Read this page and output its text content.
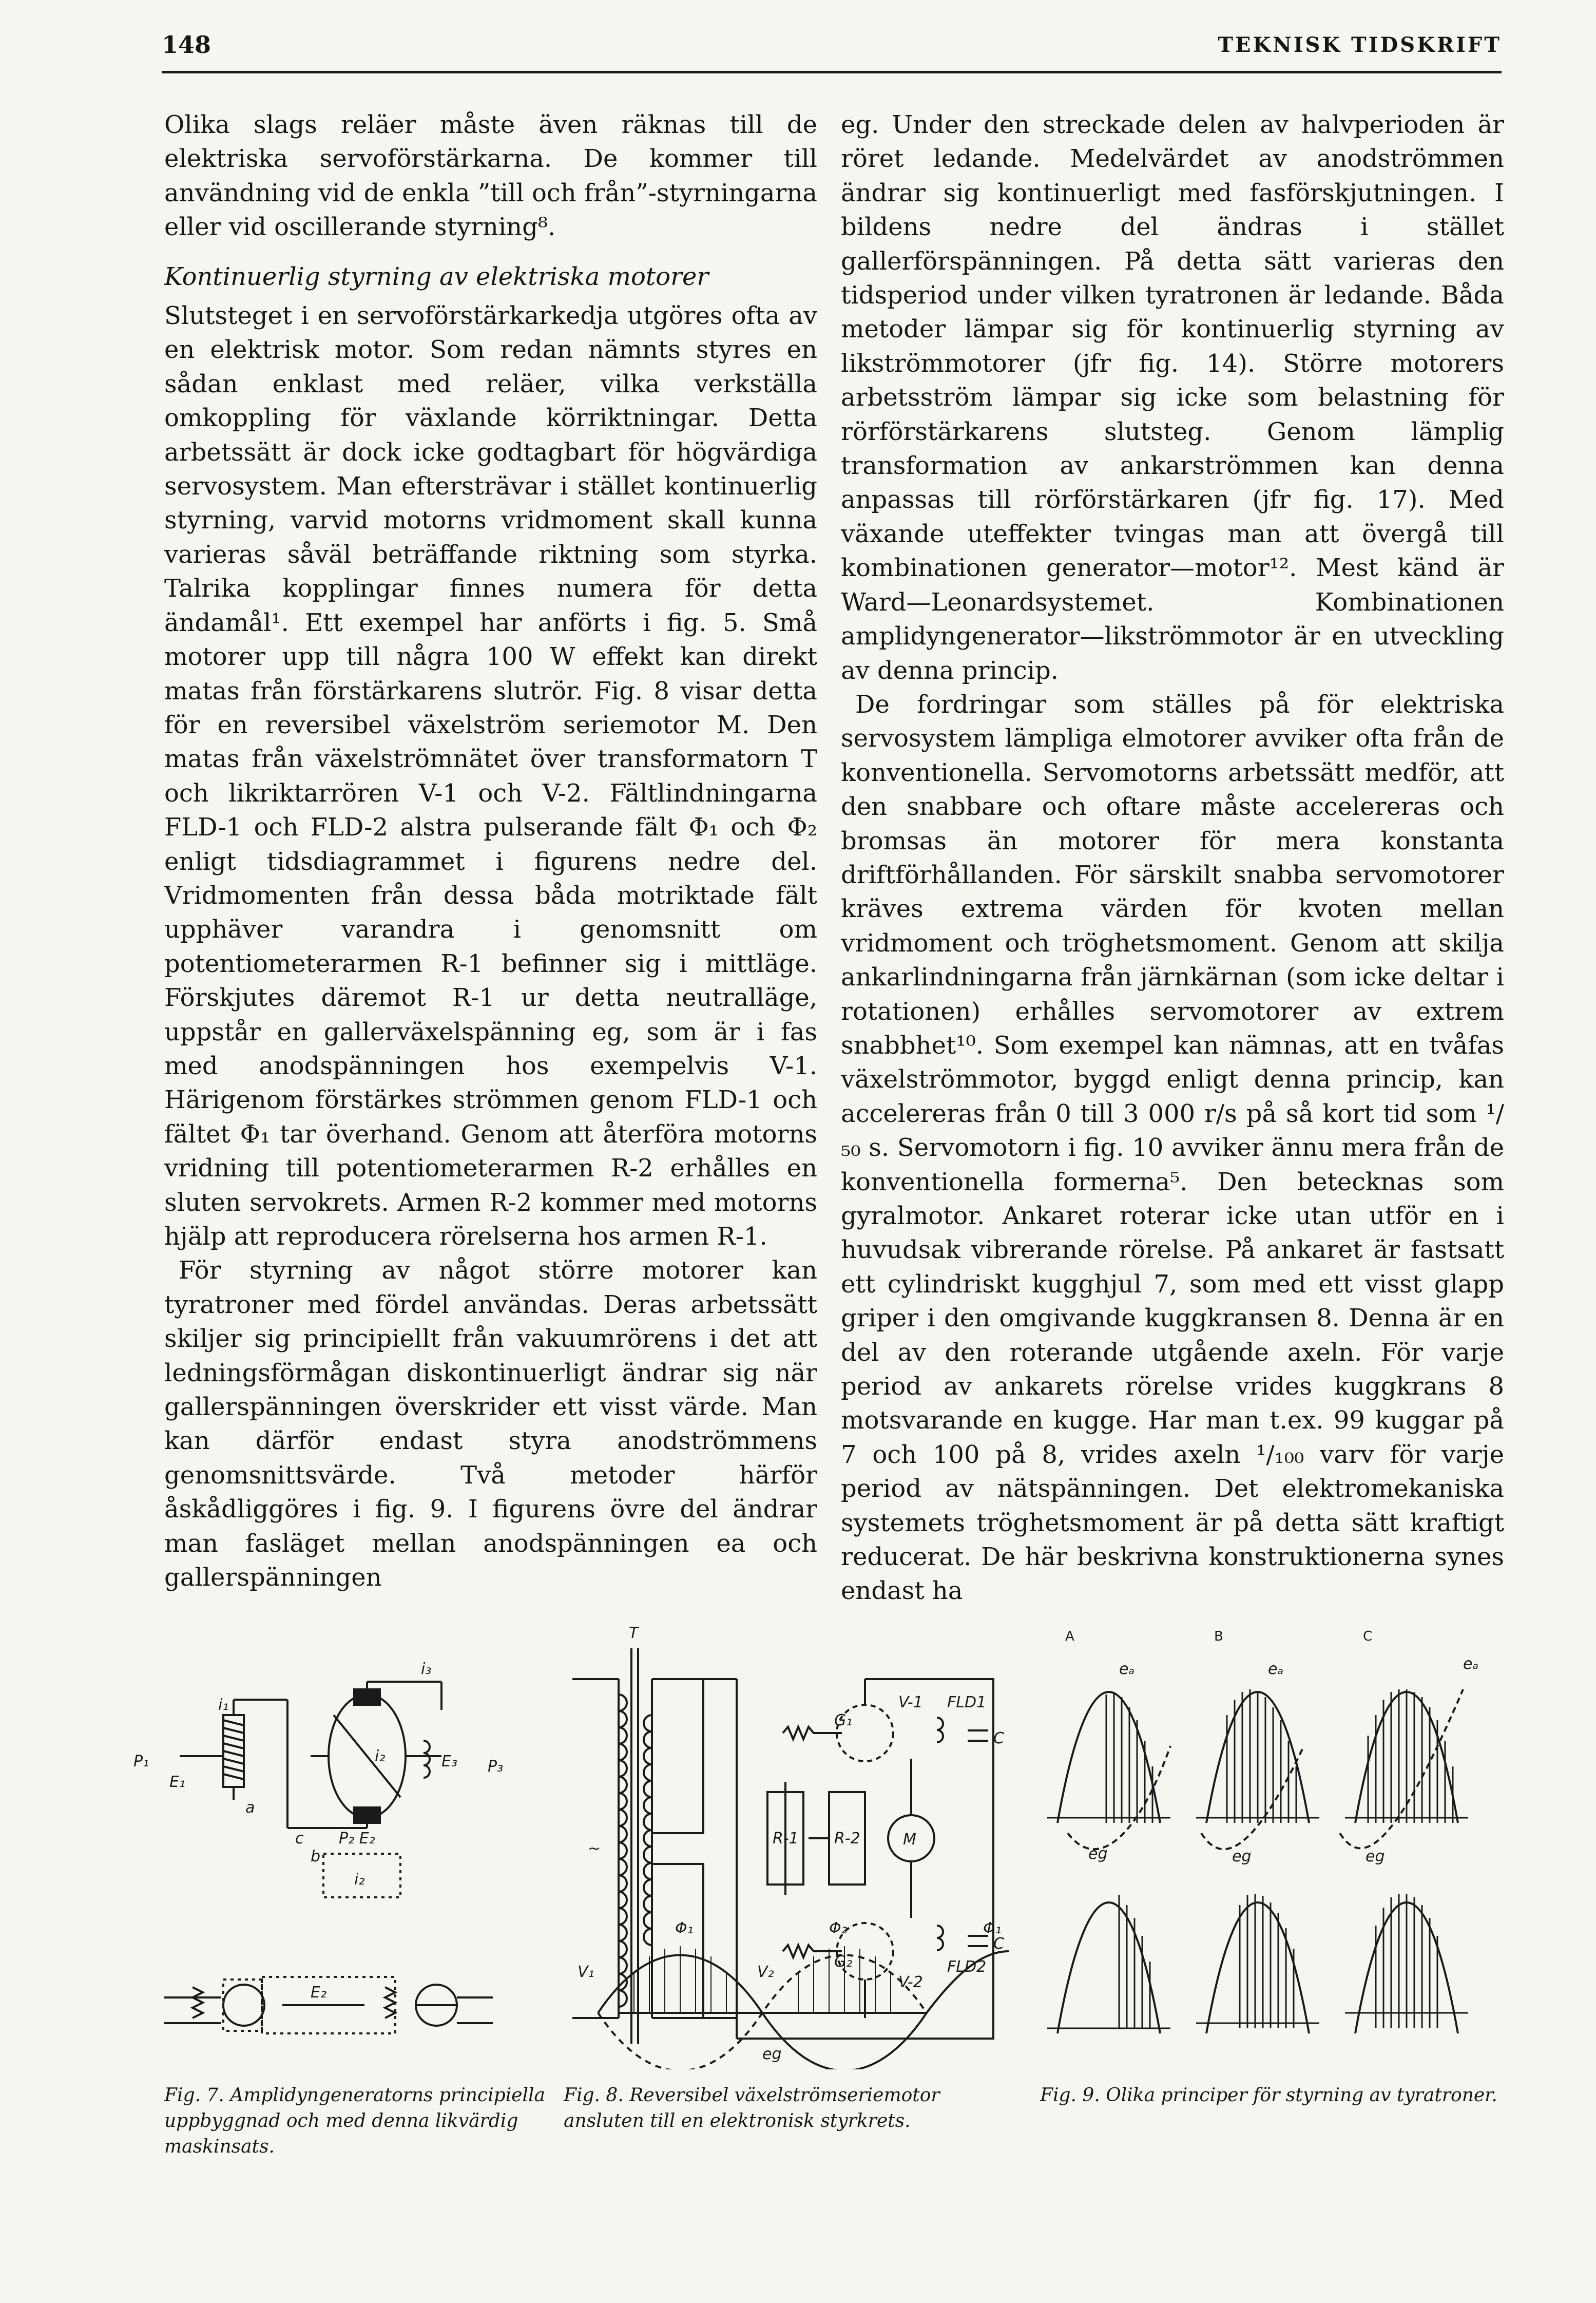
148	TEKNISK TIDSKRIFT

Olika slags reläer måste även räknas till de elektriska servoförstärkarna. De kommer till användning vid de enkla ”till och från”-styrningarna eller vid oscillerande styrning⁸.

Kontinuerlig styrning av elektriska motorer

Slutsteget i en servoförstärkarkedja utgöres ofta av en elektrisk motor. Som redan nämnts styres en sådan enklast med reläer, vilka verkställa omkoppling för växlande körriktningar. Detta arbetssätt är dock icke godtagbart för högvärdiga servosystem. Man eftersträvar i stället kontinuerlig styrning, varvid motorns vridmoment skall kunna varieras såväl beträffande riktning som styrka. Talrika kopplingar finnes numera för detta ändamål¹. Ett exempel har anförts i fig. 5. Små motorer upp till några 100 W effekt kan direkt matas från förstärkarens slutrör. Fig. 8 visar detta för en reversibel växelström seriemotor M. Den matas från växelströmnätet över transformatorn T och likriktarrören V-1 och V-2. Fältlindningarna FLD-1 och FLD-2 alstra pulserande fält Φ₁ och Φ₂ enligt tidsdiagrammet i figurens nedre del. Vridmomenten från dessa båda motriktade fält upphäver varandra i genomsnitt om potentiometerarmen R-1 befinner sig i mittläge. Förskjutes däremot R-1 ur detta neutralläge, uppstår en gallerväxelspänning eg, som är i fas med anodspänningen hos exempelvis V-1. Härigenom förstärkes strömmen genom FLD-1 och fältet Φ₁ tar överhand. Genom att återföra motorns vridning till potentiometerarmen R-2 erhålles en sluten servokrets. Armen R-2 kommer med motorns hjälp att reproducera rörelserna hos armen R-1.

För styrning av något större motorer kan tyratroner med fördel användas. Deras arbetssätt skiljer sig principiellt från vakuumrörens i det att ledningsförmågan diskontinuerligt ändrar sig när gallerspänningen överskrider ett visst värde. Man kan därför endast styra anodströmmens genomsnittsvärde. Två metoder härför åskådliggöres i fig. 9. I figurens övre del ändrar man fasläget mellan anodspänningen ea och gallerspänningen

eg. Under den streckade delen av halvperioden är röret ledande. Medelvärdet av anodströmmen ändrar sig kontinuerligt med fasförskjutningen. I bildens nedre del ändras i stället gallerförspänningen. På detta sätt varieras den tidsperiod under vilken tyratronen är ledande. Båda metoder lämpar sig för kontinuerlig styrning av likströmmotorer (jfr fig. 14). Större motorers arbetsström lämpar sig icke som belastning för rörförstärkarens slutsteg. Genom lämplig transformation av ankarströmmen kan denna anpassas till rörförstärkaren (jfr fig. 17). Med växande uteffekter tvingas man att övergå till kombinationen generator—motor¹². Mest känd är Ward—Leonardsystemet. Kombinationen amplidyngenerator—likströmmotor är en utveckling av denna princip.

De fordringar som ställes på för elektriska servosystem lämpliga elmotorer avviker ofta från de konventionella. Servomotorns arbetssätt medför, att den snabbare och oftare måste accelereras och bromsas än motorer för mera konstanta driftförhållanden. För särskilt snabba servomotorer kräves extrema värden för kvoten mellan vridmoment och tröghetsmoment. Genom att skilja ankarlindningarna från järnkärnan (som icke deltar i rotationen) erhålles servomotorer av extrem snabbhet¹⁰. Som exempel kan nämnas, att en tvåfas växelströmmotor, byggd enligt denna princip, kan accelereras från 0 till 3 000 r/s på så kort tid som ¹/₅₀ s. Servomotorn i fig. 10 avviker ännu mera från de konventionella formerna⁵. Den betecknas som gyralmotor. Ankaret roterar icke utan utför en i huvudsak vibrerande rörelse. På ankaret är fastsatt ett cylindriskt kugghjul 7, som med ett visst glapp griper i den omgivande kuggkransen 8. Denna är en del av den roterande utgående axeln. För varje period av ankarets rörelse vrides kuggkrans 8 motsvarande en kugge. Har man t.ex. 99 kuggar på 7 och 100 på 8, vrides axeln ¹/₁₀₀ varv för varje period av nätspänningen. Det elektromekaniska systemets tröghetsmoment är på detta sätt kraftigt reducerat. De här beskrivna konstruktionerna synes endast ha

P₁
E₁
i₁
a
c
i₂
i₃
E₃ P₃
P₂ E₂
b
i₂
E₂
Fig. 7. Amplidyngeneratorns principiella uppbyggnad och med denna likvärdig maskinsats.
T
~
G₁
V-1 FLD1
C
R-1 R-2	M
G₂	FLD2
V-2
C
V₁
Φ₁
V₂
Φ₂	Φ₁
eg
Fig. 8. Reversibel växelströmseriemotor ansluten till en elektronisk styrkrets.
A	B	C
eₐ	eₐ	eₐ
eg	eg	eg
Fig. 9. Olika principer för styrning av tyratroner.
